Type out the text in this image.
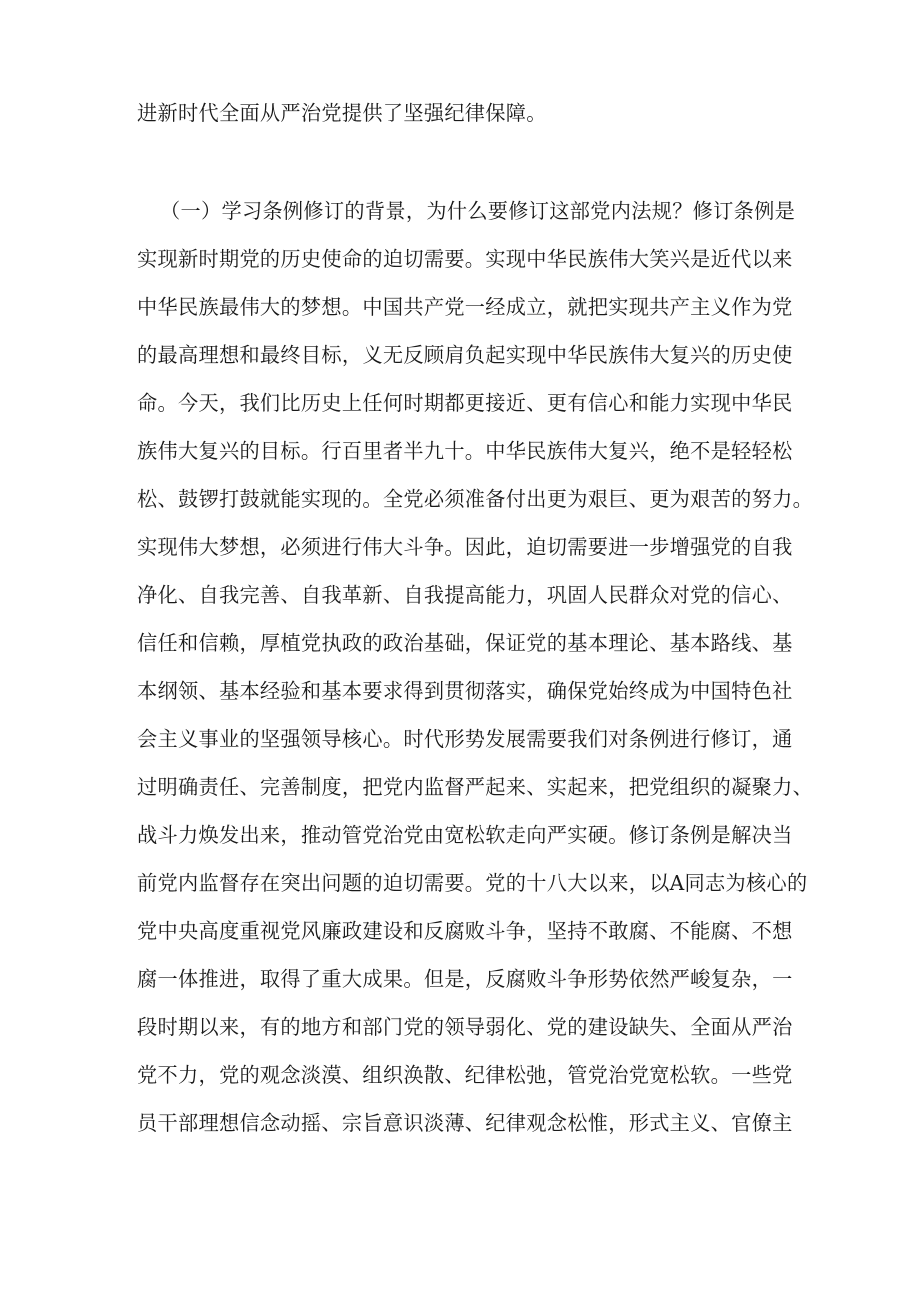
进新时代全面从严治党提供了坚强纪律保障。

（一）学习条例修订的背景，为什么要修订这部党内法规？修订条例是

实现新时期党的历史使命的迫切需要。实现中华民族伟大笑兴是近代以来

中华民族最伟大的梦想。中国共产党一经成立，就把实现共产主义作为党

的最高理想和最终目标，义无反顾肩负起实现中华民族伟大复兴的历史使

命。今天，我们比历史上任何时期都更接近、更有信心和能力实现中华民

族伟大复兴的目标。行百里者半九十。中华民族伟大复兴，绝不是轻轻松

松、鼓锣打鼓就能实现的。全党必须准备付出更为艰巨、更为艰苦的努力。

实现伟大梦想，必须进行伟大斗争。因此，迫切需要进一步增强党的自我

净化、自我完善、自我革新、自我提高能力，巩固人民群众对党的信心、

信任和信赖，厚植党执政的政治基础，保证党的基本理论、基本路线、基

本纲领、基本经验和基本要求得到贯彻落实，确保党始终成为中国特色社

会主义事业的坚强领导核心。时代形势发展需要我们对条例进行修订，通

过明确责任、完善制度，把党内监督严起来、实起来，把党组织的凝聚力、

战斗力焕发出来，推动管党治党由宽松软走向严实硬。修订条例是解决当

前党内监督存在突出问题的迫切需要。党的十八大以来，以A同志为核心的

党中央高度重视党风廉政建设和反腐败斗争，坚持不敢腐、不能腐、不想

腐一体推进，取得了重大成果。但是，反腐败斗争形势依然严峻复杂，一

段时期以来，有的地方和部门党的领导弱化、党的建设缺失、全面从严治

党不力，党的观念淡漠、组织涣散、纪律松弛，管党治党宽松软。一些党

员干部理想信念动摇、宗旨意识淡薄、纪律观念松惟，形式主义、官僚主
